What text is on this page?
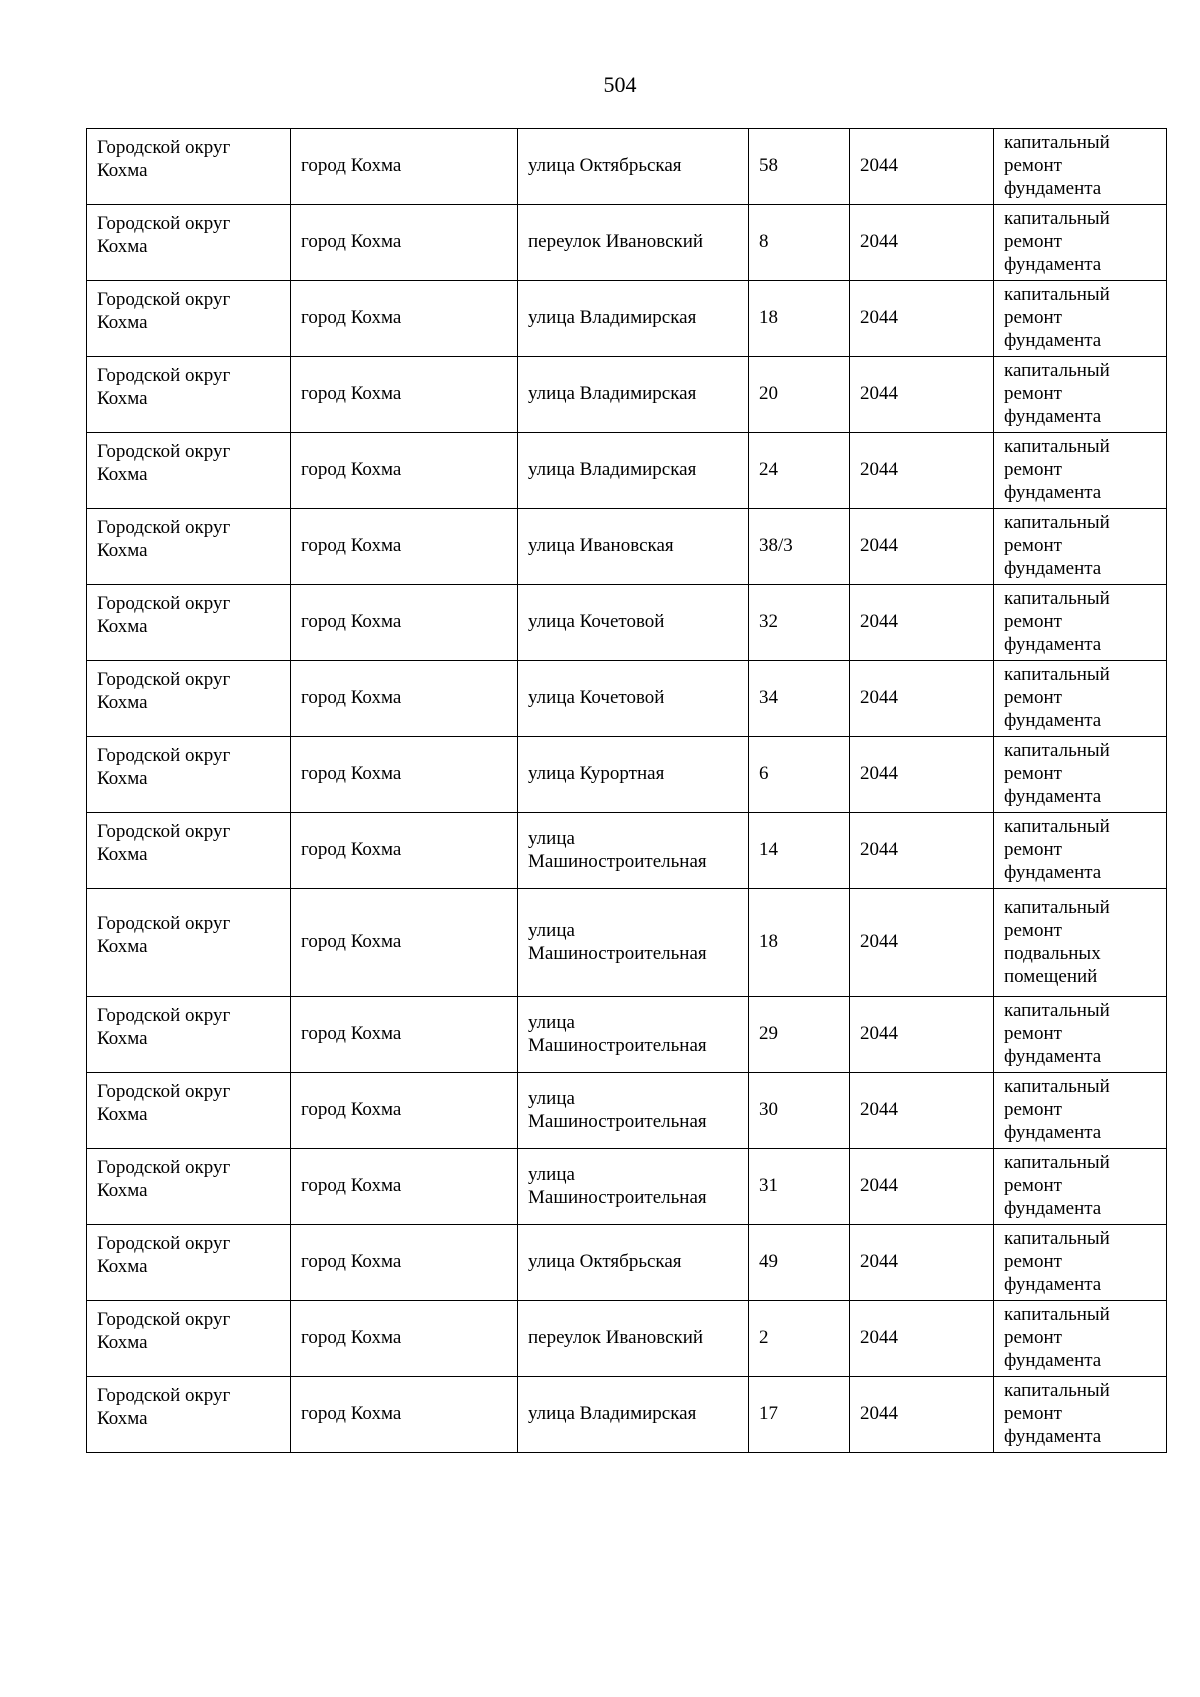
504
Городской округ Кохма	город Кохма	улица Октябрьская	58	2044	капитальный ремонт фундамента
Городской округ Кохма	город Кохма	переулок Ивановский	8	2044	капитальный ремонт фундамента
Городской округ Кохма	город Кохма	улица Владимирская	18	2044	капитальный ремонт фундамента
Городской округ Кохма	город Кохма	улица Владимирская	20	2044	капитальный ремонт фундамента
Городской округ Кохма	город Кохма	улица Владимирская	24	2044	капитальный ремонт фундамента
Городской округ Кохма	город Кохма	улица Ивановская	38/3	2044	капитальный ремонт фундамента
Городской округ Кохма	город Кохма	улица Кочетовой	32	2044	капитальный ремонт фундамента
Городской округ Кохма	город Кохма	улица Кочетовой	34	2044	капитальный ремонт фундамента
Городской округ Кохма	город Кохма	улица Курортная	6	2044	капитальный ремонт фундамента
Городской округ Кохма	город Кохма	улица Машиностроительная	14	2044	капитальный ремонт фундамента
Городской округ Кохма	город Кохма	улица Машиностроительная	18	2044	капитальный ремонт подвальных помещений
Городской округ Кохма	город Кохма	улица Машиностроительная	29	2044	капитальный ремонт фундамента
Городской округ Кохма	город Кохма	улица Машиностроительная	30	2044	капитальный ремонт фундамента
Городской округ Кохма	город Кохма	улица Машиностроительная	31	2044	капитальный ремонт фундамента
Городской округ Кохма	город Кохма	улица Октябрьская	49	2044	капитальный ремонт фундамента
Городской округ Кохма	город Кохма	переулок Ивановский	2	2044	капитальный ремонт фундамента
Городской округ Кохма	город Кохма	улица Владимирская	17	2044	капитальный ремонт фундамента
